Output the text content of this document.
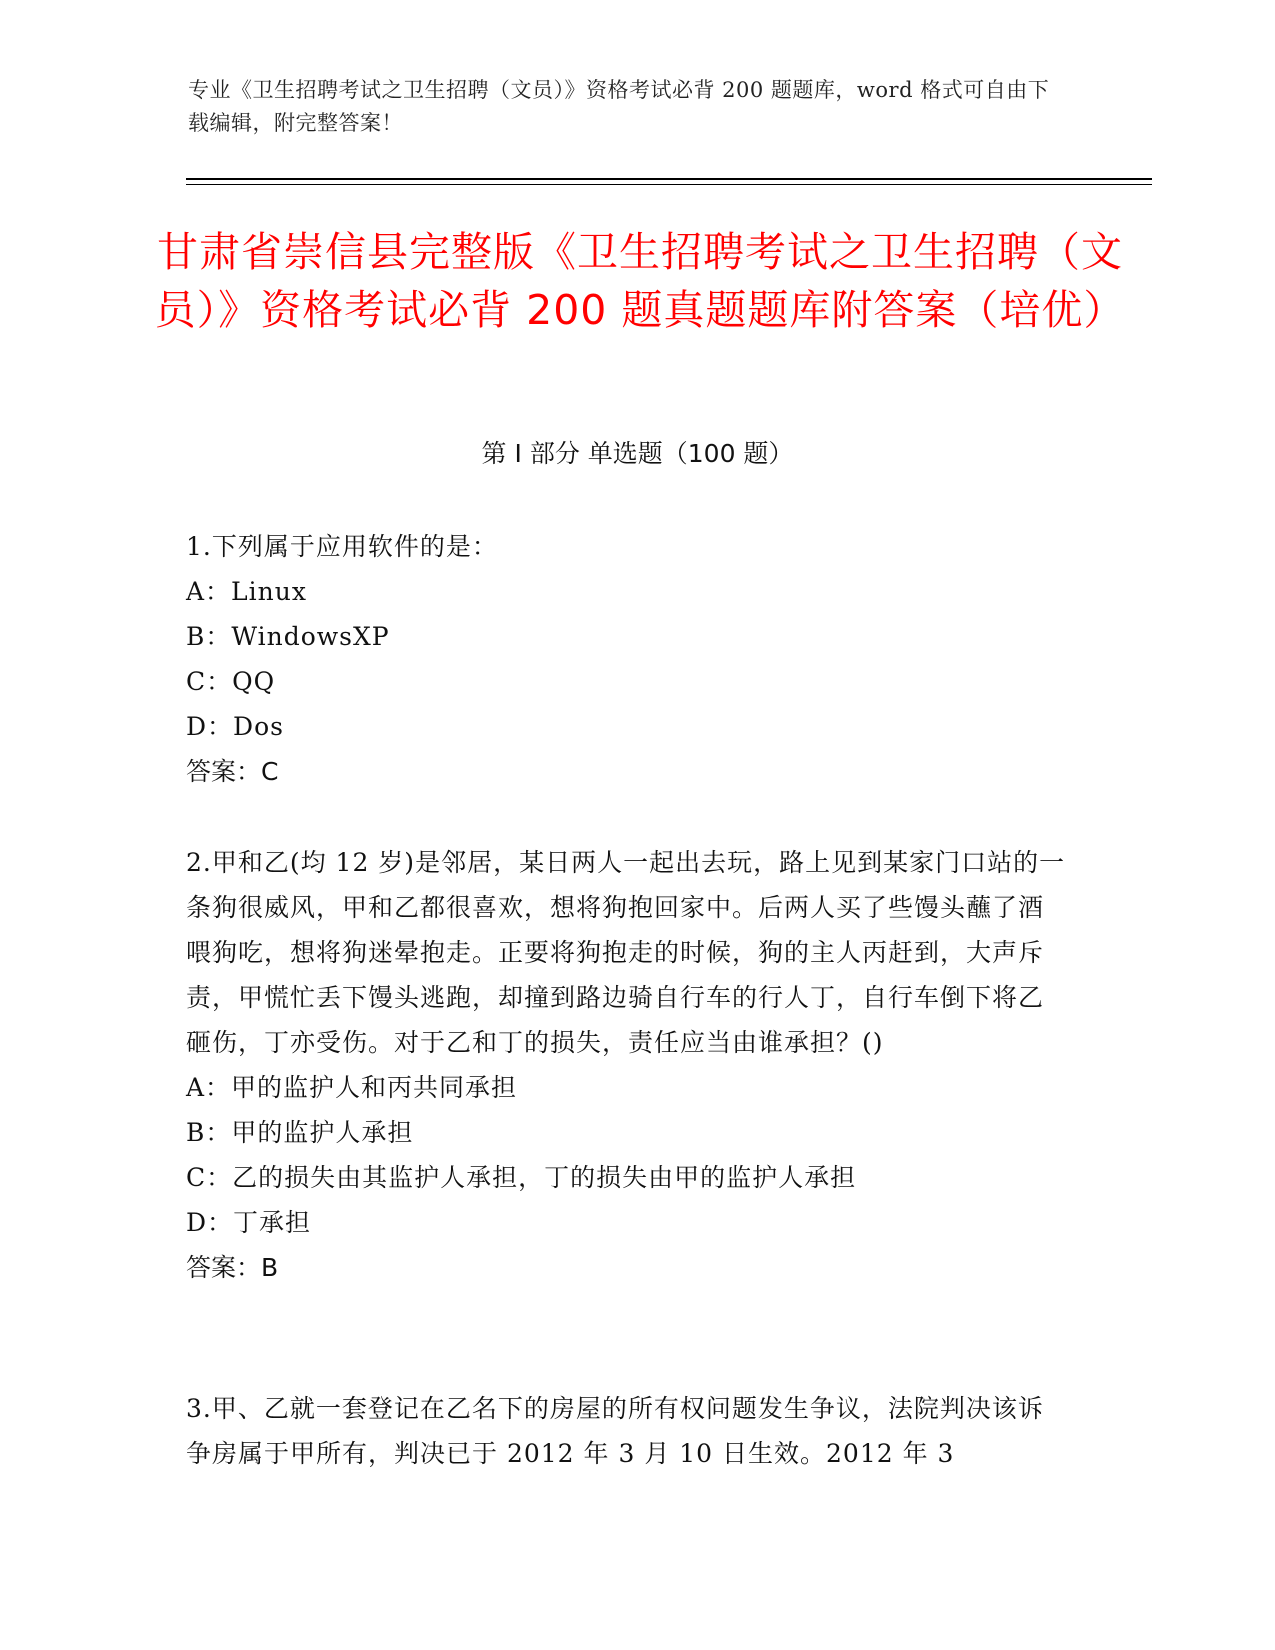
专业《卫生招聘考试之卫生招聘（文员）》资格考试必背 200 题题库，word 格式可自由下载编辑，附完整答案！
甘肃省崇信县完整版《卫生招聘考试之卫生招聘（文员）》资格考试必背 200 题真题题库附答案（培优）
第 I 部分 单选题（100 题）

1.下列属于应用软件的是：

A：Linux

B：WindowsXP

C：QQ

D：Dos

答案：C

2.甲和乙(均 12 岁)是邻居，某日两人一起出去玩，路上见到某家门口站的一条狗很威风，甲和乙都很喜欢，想将狗抱回家中。后两人买了些馒头蘸了酒喂狗吃，想将狗迷晕抱走。正要将狗抱走的时候，狗的主人丙赶到，大声斥责，甲慌忙丢下馒头逃跑，却撞到路边骑自行车的行人丁，自行车倒下将乙砸伤，丁亦受伤。对于乙和丁的损失，责任应当由谁承担？()

A：甲的监护人和丙共同承担

B：甲的监护人承担

C：乙的损失由其监护人承担，丁的损失由甲的监护人承担

D：丁承担

答案：B

3.甲、乙就一套登记在乙名下的房屋的所有权问题发生争议，法院判决该诉争房属于甲所有，判决已于 2012 年 3 月 10 日生效。2012 年 3
